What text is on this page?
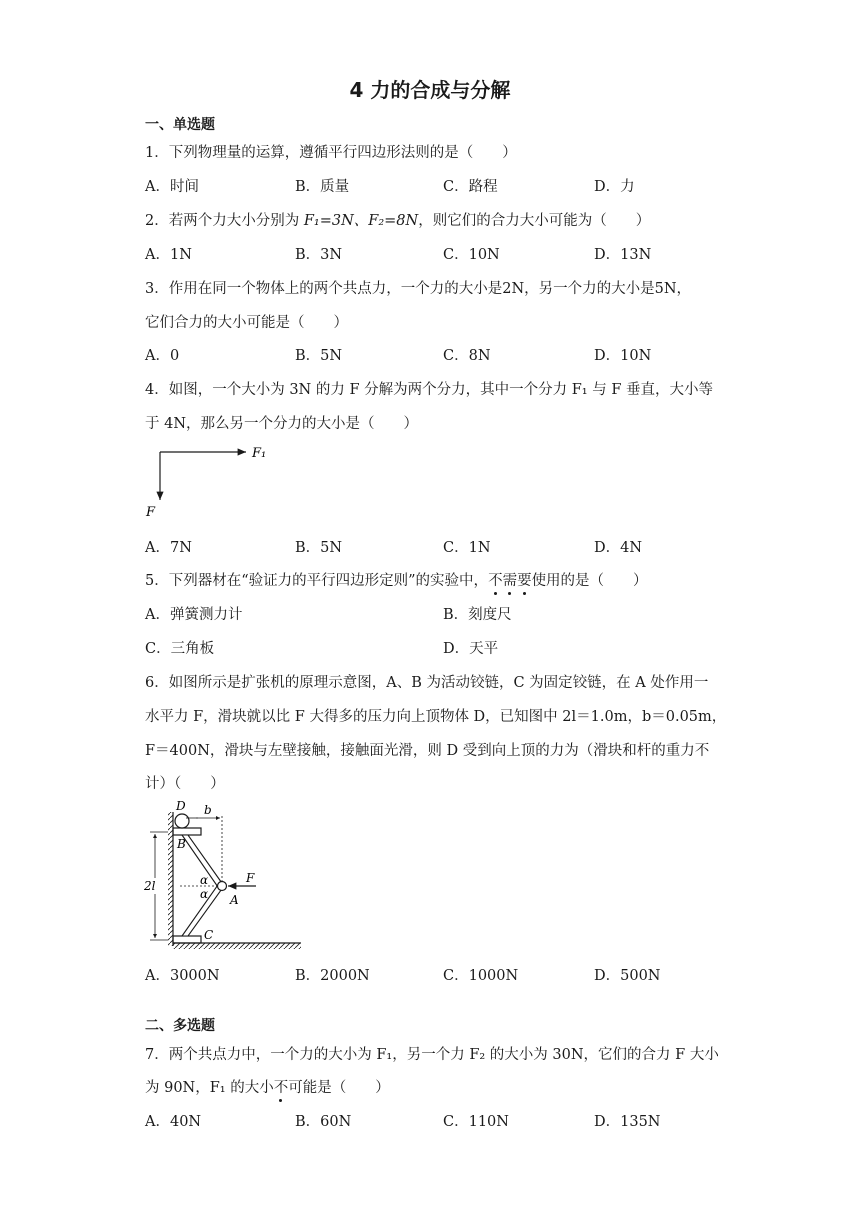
4 力的合成与分解
一、单选题
1．下列物理量的运算，遵循平行四边形法则的是（　　）
A．时间	B．质量	C．路程	D．力
2．若两个力大小分别为 F₁=3N、F₂=8N，则它们的合力大小可能为（　　）
A．1N	B．3N	C．10N	D．13N
3．作用在同一个物体上的两个共点力，一个力的大小是2N，另一个力的大小是5N，
它们合力的大小可能是（　　）
A．0	B．5N	C．8N	D．10N
4．如图，一个大小为 3N 的力 F 分解为两个分力，其中一个分力 F₁ 与 F 垂直，大小等
于 4N，那么另一个分力的大小是（　　）
F₁
F
A．7N	B．5N	C．1N	D．4N
5．下列器材在“验证力的平行四边形定则”的实验中，不需要使用的是（　　）
A．弹簧测力计	B．刻度尺
C．三角板	D．天平
6．如图所示是扩张机的原理示意图，A、B 为活动铰链，C 为固定铰链，在 A 处作用一
水平力 F，滑块就以比 F 大得多的压力向上顶物体 D，已知图中 2l＝1.0m，b＝0.05m，
F＝400N，滑块与左壁接触，接触面光滑，则 D 受到向上顶的力为（滑块和杆的重力不
计）（　　）
D
B
b
2l	α
α
F
A
C
A．3000N	B．2000N	C．1000N	D．500N
二、多选题
7．两个共点力中，一个力的大小为 F₁，另一个力 F₂ 的大小为 30N，它们的合力 F 大小
为 90N，F₁ 的大小不可能是（　　）
A．40N	B．60N	C．110N	D．135N
